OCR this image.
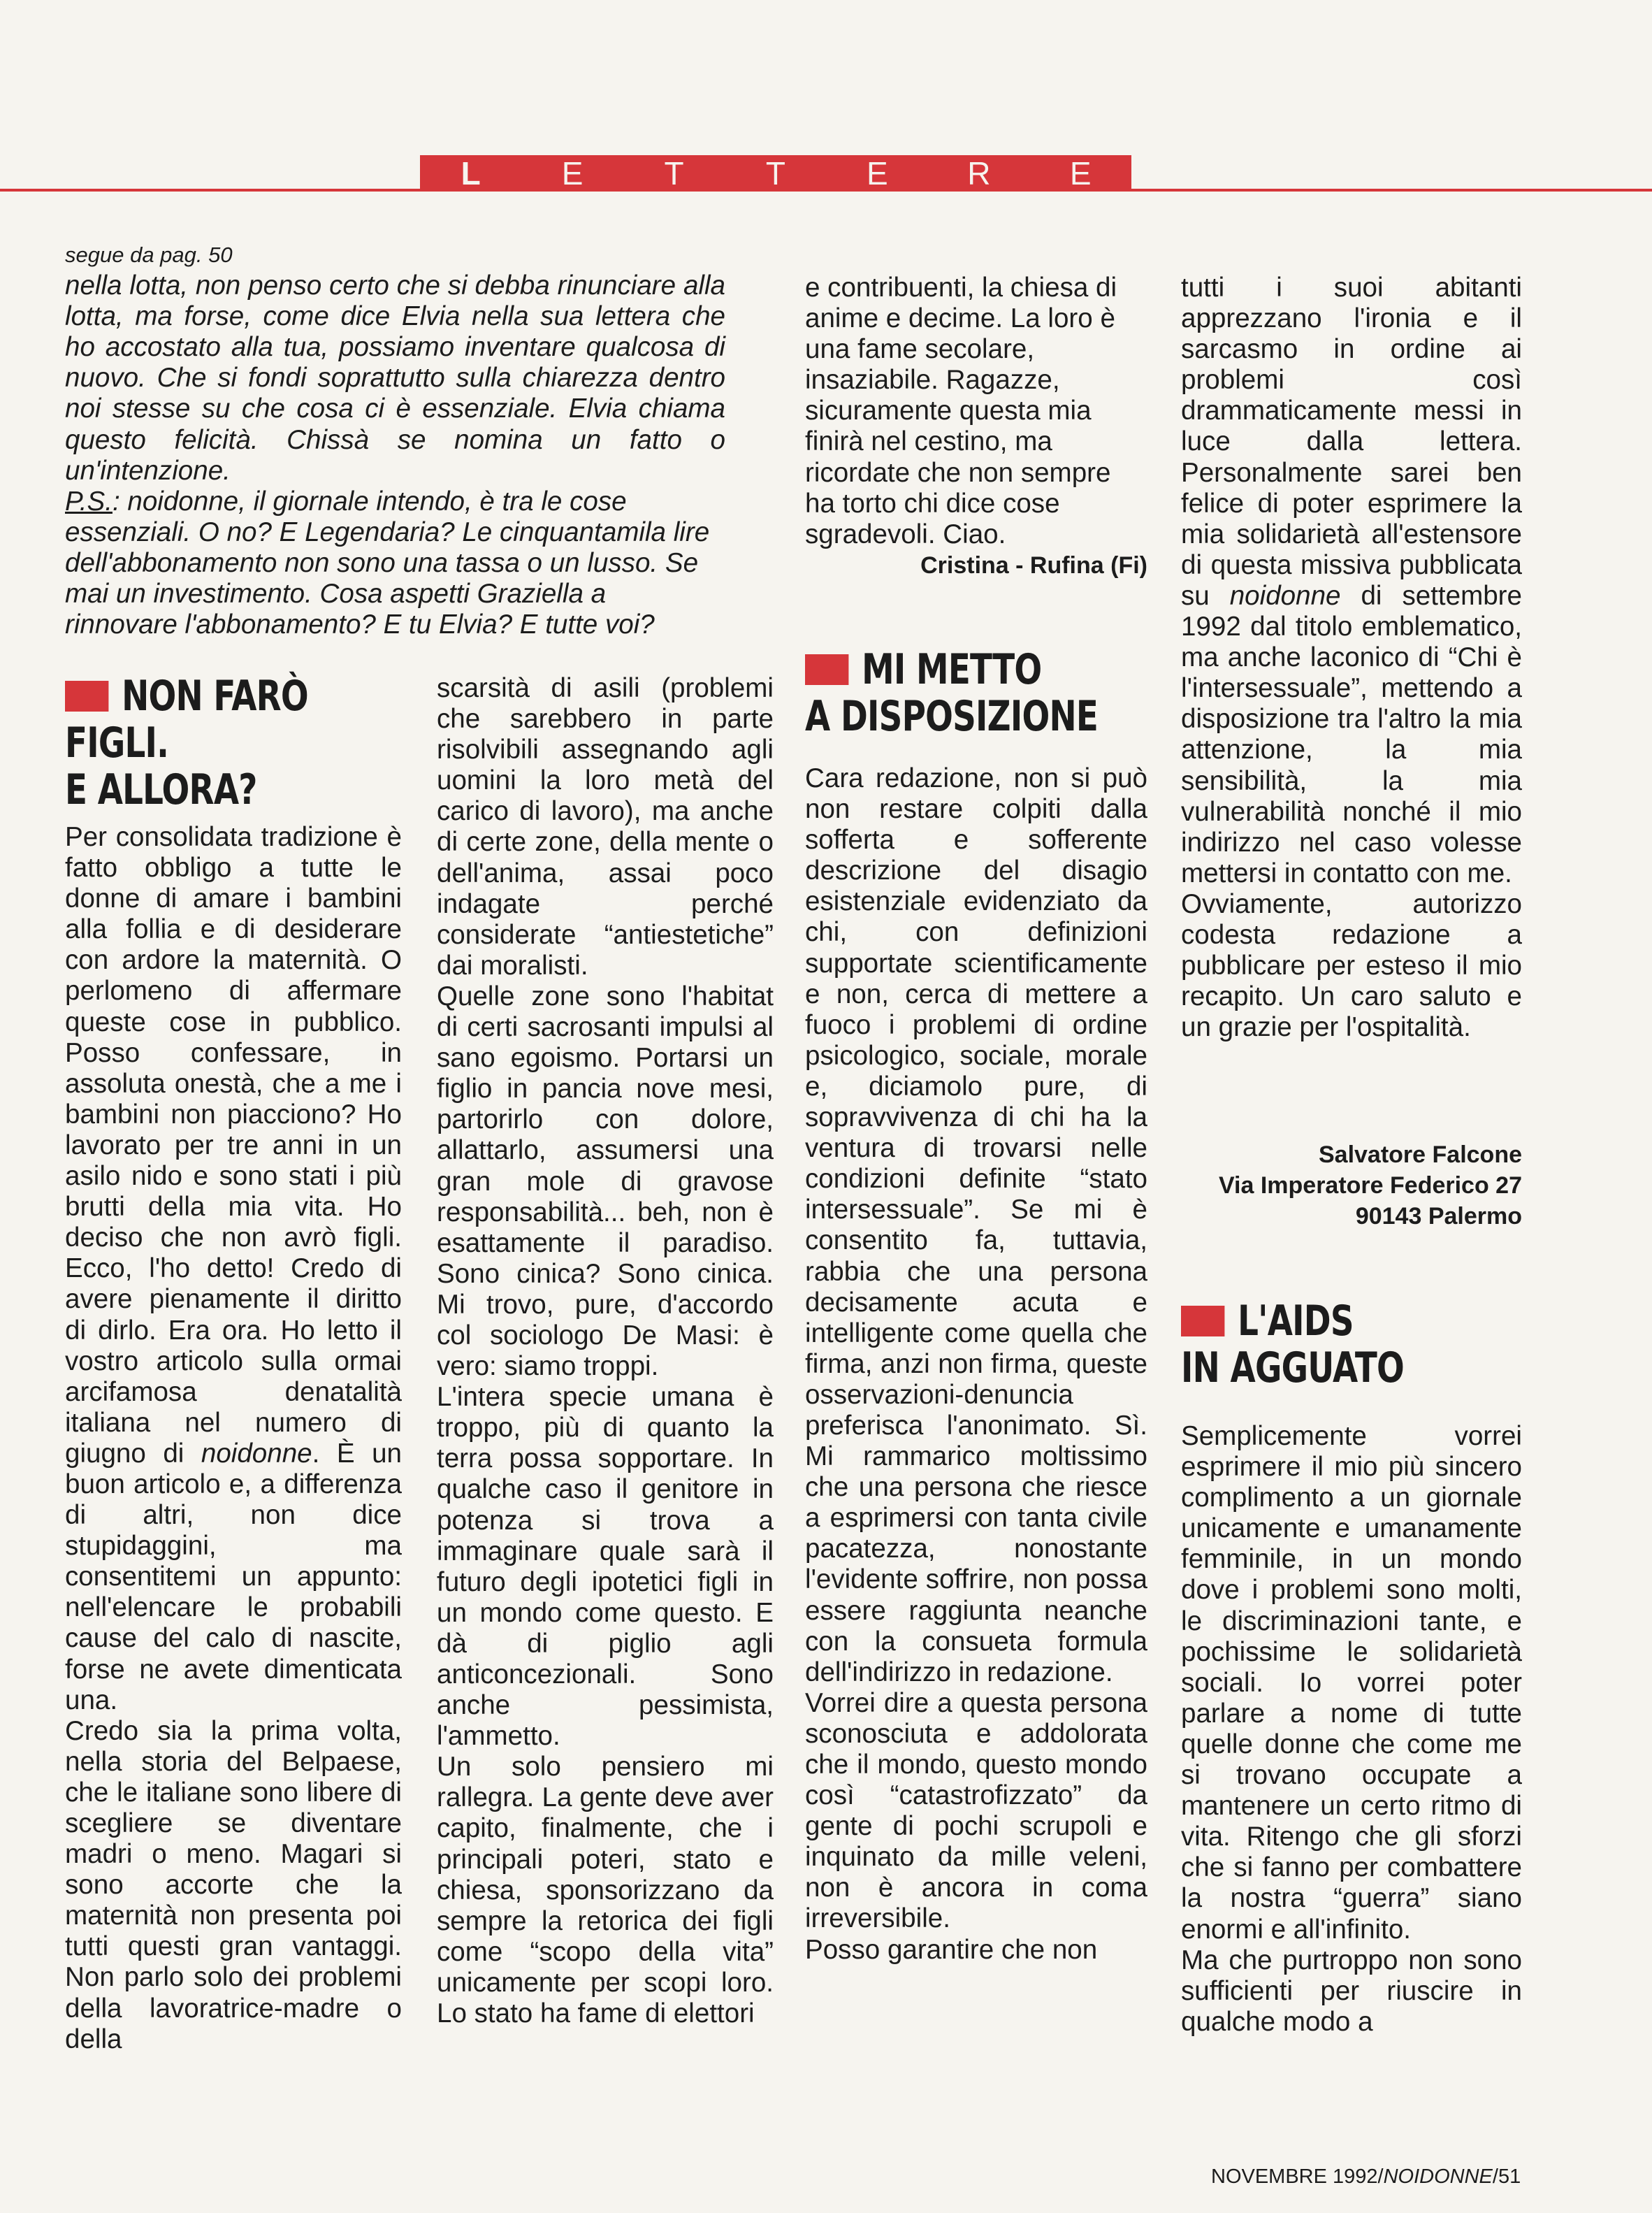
L	E	T	T	E	R	E
segue da pag. 50

nella lotta, non penso certo che si debba rinunciare alla lotta, ma forse, come dice Elvia nella sua lettera che ho accostato alla tua, possiamo inventare qualcosa di nuovo. Che si fondi soprattutto sulla chiarezza dentro noi stesse su che cosa ci è essenziale. Elvia chiama questo felicità. Chissà se nomina un fatto o un'intenzione.

P.S.: noidonne, il giornale intendo, è tra le cose essenziali. O no? E Legendaria? Le cinquantamila lire dell'abbonamento non sono una tassa o un lusso. Se mai un investimento. Cosa aspetti Graziella a rinnovare l'abbonamento? E tu Elvia? E tutte voi?

e contribuenti, la chiesa di anime e decime. La loro è una fame secolare, insaziabile. Ragazze, sicuramente questa mia finirà nel cestino, ma ricordate che non sempre ha torto chi dice cose sgradevoli. Ciao.

Cristina - Rufina (Fi)
NON FARÒ
FIGLI.
E ALLORA?

Per consolidata tradizione è fatto obbligo a tutte le donne di amare i bambini alla follia e di desiderare con ardore la maternità. O perlomeno di affermare queste cose in pubblico. Posso confessare, in assoluta onestà, che a me i bambini non piacciono? Ho lavorato per tre anni in un asilo nido e sono stati i più brutti della mia vita. Ho deciso che non avrò figli. Ecco, l'ho detto! Credo di avere pienamente il diritto di dirlo. Era ora. Ho letto il vostro articolo sulla ormai arcifamosa denatalità italiana nel numero di giugno di noidonne. È un buon articolo e, a differenza di altri, non dice stupidaggini, ma consentitemi un appunto: nell'elencare le probabili cause del calo di nascite, forse ne avete dimenticata una.

Credo sia la prima volta, nella storia del Belpaese, che le italiane sono libere di scegliere se diventare madri o meno. Magari si sono accorte che la maternità non presenta poi tutti questi gran vantaggi. Non parlo solo dei problemi della lavoratrice-madre o della

scarsità di asili (problemi che sarebbero in parte risolvibili assegnando agli uomini la loro metà del carico di lavoro), ma anche di certe zone, della mente o dell'anima, assai poco indagate perché considerate “antiestetiche” dai moralisti.

Quelle zone sono l'habitat di certi sacrosanti impulsi al sano egoismo. Portarsi un figlio in pancia nove mesi, partorirlo con dolore, allattarlo, assumersi una gran mole di gravose responsabilità... beh, non è esattamente il paradiso. Sono cinica? Sono cinica. Mi trovo, pure, d'accordo col sociologo De Masi: è vero: siamo troppi.

L'intera specie umana è troppo, più di quanto la terra possa sopportare. In qualche caso il genitore in potenza si trova a immaginare quale sarà il futuro degli ipotetici figli in un mondo come questo. E dà di piglio agli anticoncezionali. Sono anche pessimista, l'ammetto.

Un solo pensiero mi rallegra. La gente deve aver capito, finalmente, che i principali poteri, stato e chiesa, sponsorizzano da sempre la retorica dei figli come “scopo della vita” unicamente per scopi loro. Lo stato ha fame di elettori

MI METTO
A DISPOSIZIONE

Cara redazione, non si può non restare colpiti dalla sofferta e sofferente descrizione del disagio esistenziale evidenziato da chi, con definizioni supportate scientificamente e non, cerca di mettere a fuoco i problemi di ordine psicologico, sociale, morale e, diciamolo pure, di sopravvivenza di chi ha la ventura di trovarsi nelle condizioni definite “stato intersessuale”. Se mi è consentito fa, tuttavia, rabbia che una persona decisamente acuta e intelligente come quella che firma, anzi non firma, queste osservazioni-denuncia preferisca l'anonimato. Sì. Mi rammarico moltissimo che una persona che riesce a esprimersi con tanta civile pacatezza, nonostante l'evidente soffrire, non possa essere raggiunta neanche con la consueta formula dell'indirizzo in redazione.

Vorrei dire a questa persona sconosciuta e addolorata che il mondo, questo mondo così “catastrofizzato” da gente di pochi scrupoli e inquinato da mille veleni, non è ancora in coma irreversibile.

Posso garantire che non

tutti i suoi abitanti apprezzano l'ironia e il sarcasmo in ordine ai problemi così drammaticamente messi in luce dalla lettera. Personalmente sarei ben felice di poter esprimere la mia solidarietà all'estensore di questa missiva pubblicata su noidonne di settembre 1992 dal titolo emblematico, ma anche laconico di “Chi è l'intersessuale”, mettendo a disposizione tra l'altro la mia attenzione, la mia sensibilità, la mia vulnerabilità nonché il mio indirizzo nel caso volesse mettersi in contatto con me.

Ovviamente, autorizzo codesta redazione a pubblicare per esteso il mio recapito. Un caro saluto e un grazie per l'ospitalità.

Salvatore Falcone
Via Imperatore Federico 27
90143 Palermo
L'AIDS
IN AGGUATO

Semplicemente vorrei esprimere il mio più sincero complimento a un giornale unicamente e umanamente femminile, in un mondo dove i problemi sono molti, le discriminazioni tante, e pochissime le solidarietà sociali. Io vorrei poter parlare a nome di tutte quelle donne che come me si trovano occupate a mantenere un certo ritmo di vita. Ritengo che gli sforzi che si fanno per combattere la nostra “guerra” siano enormi e all'infinito.

Ma che purtroppo non sono sufficienti per riuscire in qualche modo a

NOVEMBRE 1992/NOIDONNE/51
